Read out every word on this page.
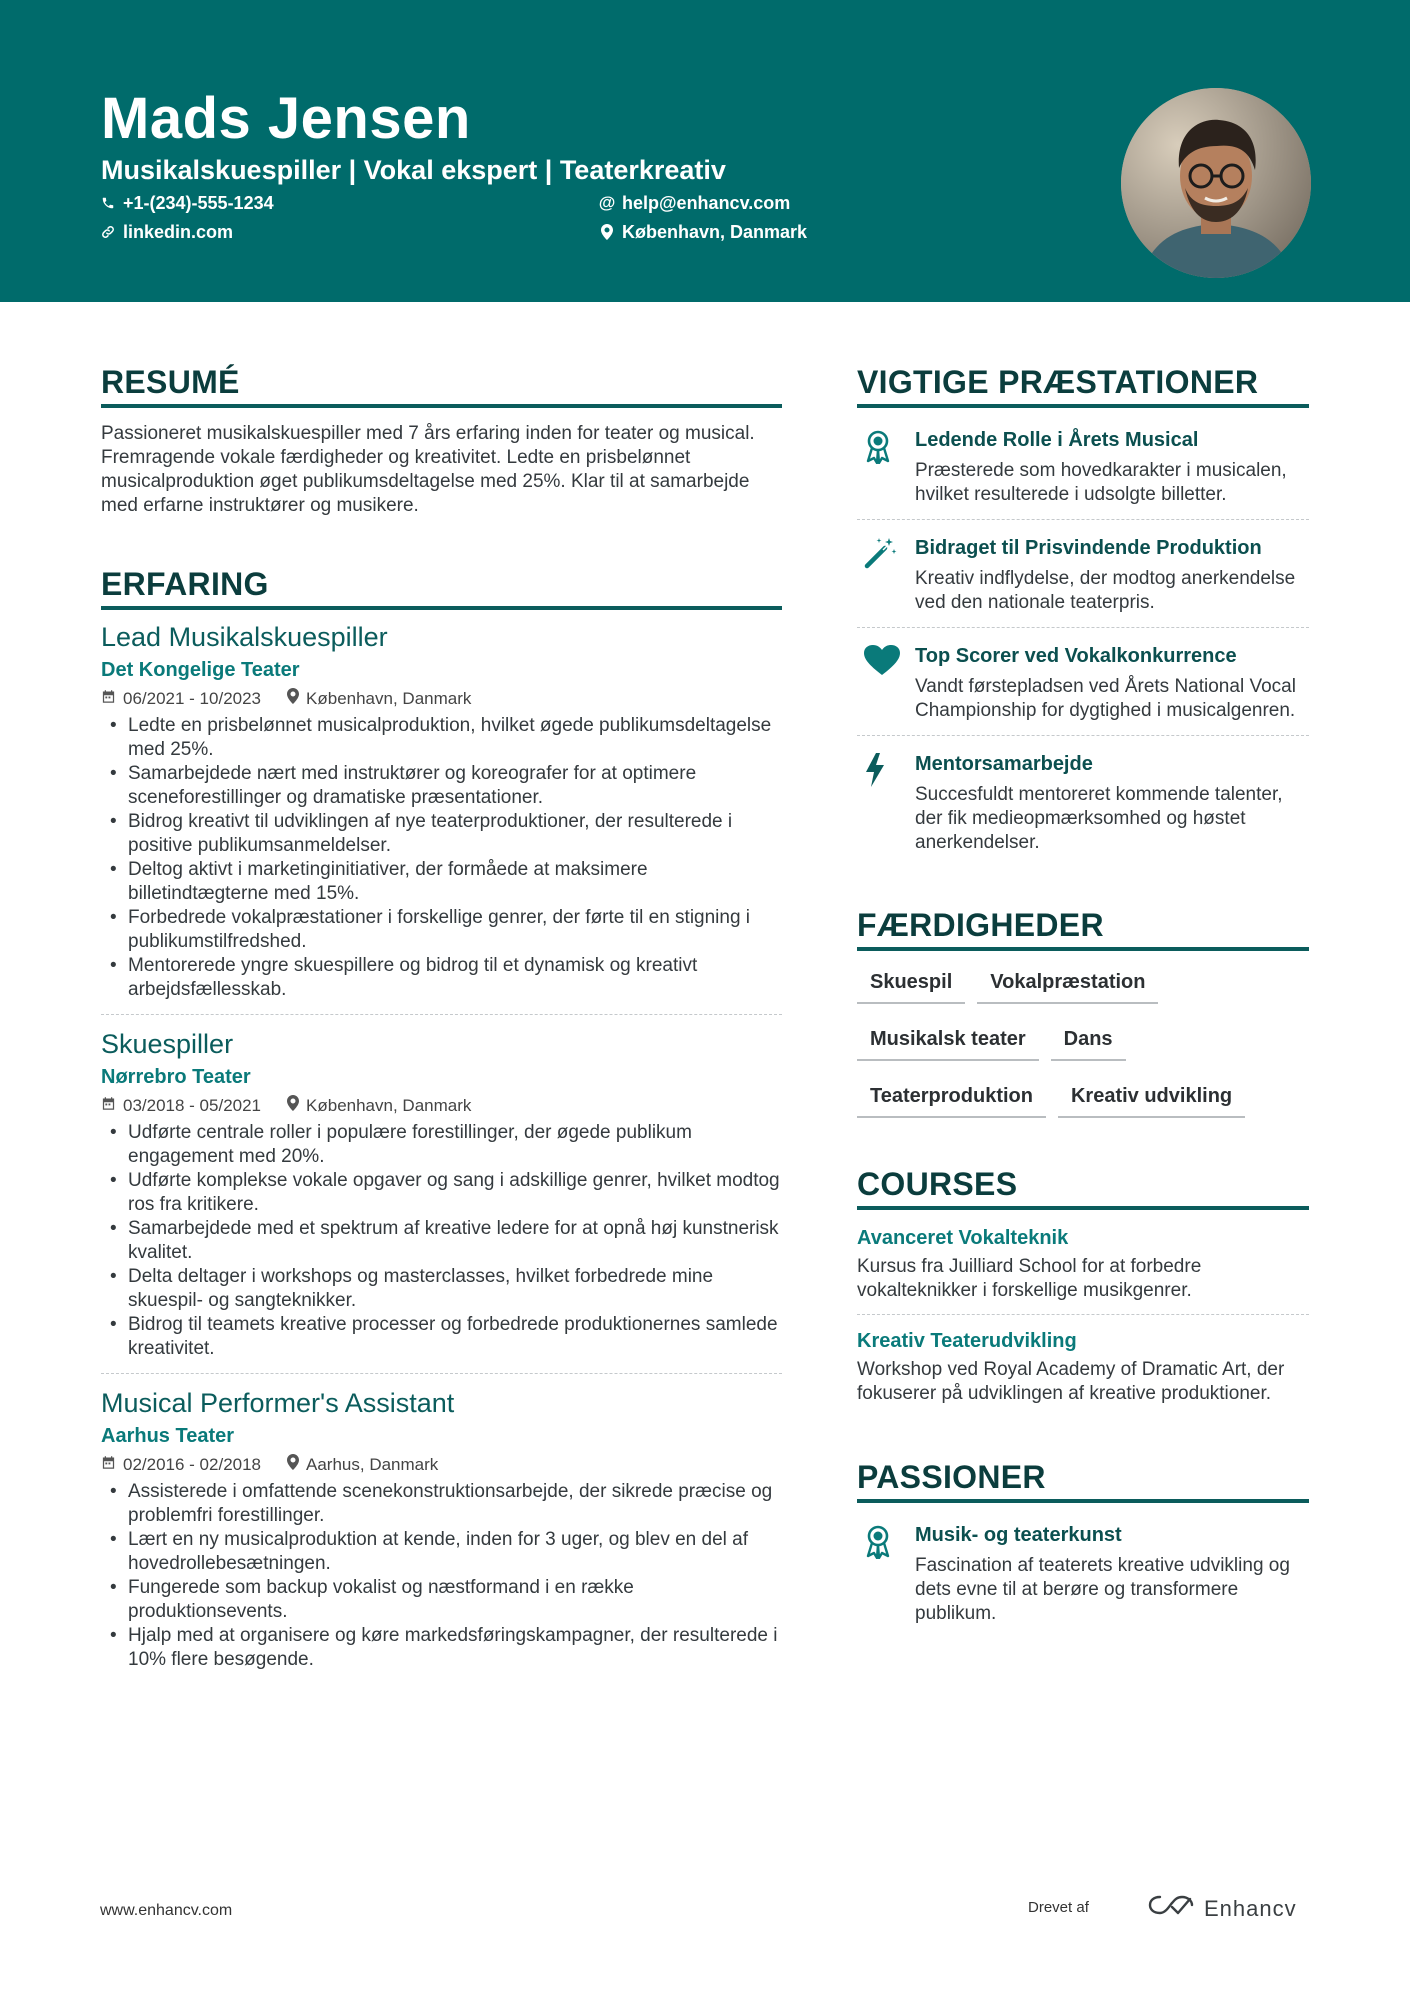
Mads Jensen
Musikalskuespiller | Vokal ekspert | Teaterkreativ
+1-(234)-555-1234	@ help@enhancv.com
linkedin.com	København, Danmark
RESUMÉ

Passioneret musikalskuespiller med 7 års erfaring inden for teater og musical. Fremragende vokale færdigheder og kreativitet. Ledte en prisbelønnet musicalproduktion øget publikumsdeltagelse med 25%. Klar til at samarbejde med erfarne instruktører og musikere.

ERFARING
Lead Musikalskuespiller
Det Kongelige Teater
06/2021 - 10/2023	København, Danmark
• Ledte en prisbelønnet musicalproduktion, hvilket øgede publikumsdeltagelse med 25%.
• Samarbejdede nært med instruktører og koreografer for at optimere sceneforestillinger og dramatiske præsentationer.
• Bidrog kreativt til udviklingen af nye teaterproduktioner, der resulterede i positive publikumsanmeldelser.
• Deltog aktivt i marketinginitiativer, der formåede at maksimere billetindtægterne med 15%.
• Forbedrede vokalpræstationer i forskellige genrer, der førte til en stigning i publikumstilfredshed.
• Mentorerede yngre skuespillere og bidrog til et dynamisk og kreativt arbejdsfællesskab.
Skuespiller
Nørrebro Teater
03/2018 - 05/2021	København, Danmark
• Udførte centrale roller i populære forestillinger, der øgede publikum engagement med 20%.
• Udførte komplekse vokale opgaver og sang i adskillige genrer, hvilket modtog ros fra kritikere.
• Samarbejdede med et spektrum af kreative ledere for at opnå høj kunstnerisk kvalitet.
• Delta deltager i workshops og masterclasses, hvilket forbedrede mine skuespil- og sangteknikker.
• Bidrog til teamets kreative processer og forbedrede produktionernes samlede kreativitet.
Musical Performer's Assistant
Aarhus Teater
02/2016 - 02/2018	Aarhus, Danmark
• Assisterede i omfattende scenekonstruktionsarbejde, der sikrede præcise og problemfri forestillinger.
• Lært en ny musicalproduktion at kende, inden for 3 uger, og blev en del af hovedrollebesætningen.
• Fungerede som backup vokalist og næstformand i en række produktionsevents.
• Hjalp med at organisere og køre markedsføringskampagner, der resulterede i 10% flere besøgende.
VIGTIGE PRÆSTATIONER
Ledende Rolle i Årets Musical
Præsterede som hovedkarakter i musicalen, hvilket resulterede i udsolgte billetter.
Bidraget til Prisvindende Produktion
Kreativ indflydelse, der modtog anerkendelse ved den nationale teaterpris.
Top Scorer ved Vokalkonkurrence
Vandt førstepladsen ved Årets National Vocal Championship for dygtighed i musicalgenren.
Mentorsamarbejde
Succesfuldt mentoreret kommende talenter, der fik medieopmærksomhed og høstet anerkendelser.
FÆRDIGHEDER
Skuespil	Vokalpræstation
Musikalsk teater	Dans
Teaterproduktion	Kreativ udvikling
COURSES
Avanceret Vokalteknik
Kursus fra Juilliard School for at forbedre vokalteknikker i forskellige musikgenrer.
Kreativ Teaterudvikling
Workshop ved Royal Academy of Dramatic Art, der fokuserer på udviklingen af kreative produktioner.
PASSIONER
Musik- og teaterkunst
Fascination af teaterets kreative udvikling og dets evne til at berøre og transformere publikum.
www.enhancv.com	Drevet af	Enhancv
